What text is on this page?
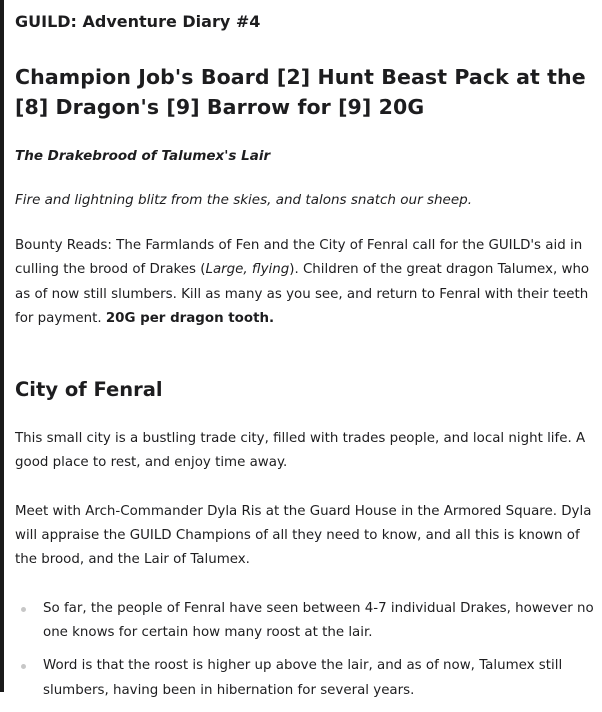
GUILD: Adventure Diary #4
Champion Job's Board [2] Hunt Beast Pack at the [8] Dragon's [9] Barrow for [9] 20G
The Drakebrood of Talumex's Lair
Fire and lightning blitz from the skies, and talons snatch our sheep.

Bounty Reads: The Farmlands of Fen and the City of Fenral call for the GUILD's aid in culling the brood of Drakes (Large, flying). Children of the great dragon Talumex, who as of now still slumbers. Kill as many as you see, and return to Fenral with their teeth for payment. 20G per dragon tooth.

City of Fenral

This small city is a bustling trade city, filled with trades people, and local night life. A good place to rest, and enjoy time away.

Meet with Arch-Commander Dyla Ris at the Guard House in the Armored Square. Dyla will appraise the GUILD Champions of all they need to know, and all this is known of the brood, and the Lair of Talumex.

So far, the people of Fenral have seen between 4-7 individual Drakes, however no one knows for certain how many roost at the lair.
Word is that the roost is higher up above the lair, and as of now, Talumex still slumbers, having been in hibernation for several years.
